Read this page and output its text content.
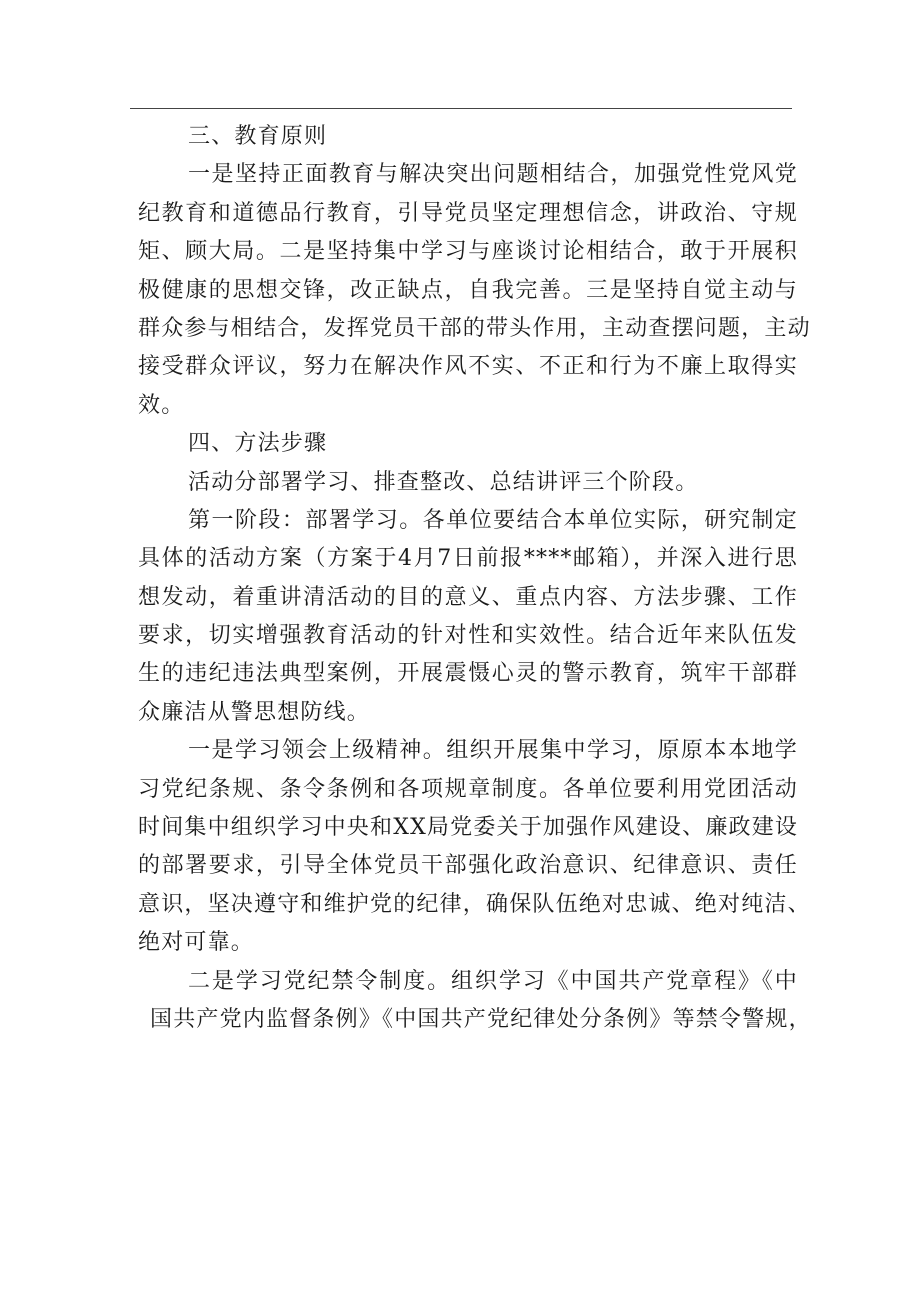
三、教育原则
一是坚持正面教育与解决突出问题相结合，加强党性党风党
纪教育和道德品行教育，引导党员坚定理想信念，讲政治、守规
矩、顾大局。二是坚持集中学习与座谈讨论相结合，敢于开展积
极健康的思想交锋，改正缺点，自我完善。三是坚持自觉主动与
群众参与相结合，发挥党员干部的带头作用，主动查摆问题，主动
接受群众评议，努力在解决作风不实、不正和行为不廉上取得实
效。
四、方法步骤
活动分部署学习、排查整改、总结讲评三个阶段。
第一阶段：部署学习。各单位要结合本单位实际，研究制定
具体的活动方案（方案于4月7日前报****邮箱），并深入进行思
想发动，着重讲清活动的目的意义、重点内容、方法步骤、工作
要求，切实增强教育活动的针对性和实效性。结合近年来队伍发
生的违纪违法典型案例，开展震慑心灵的警示教育，筑牢干部群
众廉洁从警思想防线。
一是学习领会上级精神。组织开展集中学习，原原本本地学
习党纪条规、条令条例和各项规章制度。各单位要利用党团活动
时间集中组织学习中央和XX局党委关于加强作风建设、廉政建设
的部署要求，引导全体党员干部强化政治意识、纪律意识、责任
意识，坚决遵守和维护党的纪律，确保队伍绝对忠诚、绝对纯洁、
绝对可靠。
二是学习党纪禁令制度。组织学习《中国共产党章程》《中
国共产党内监督条例》《中国共产党纪律处分条例》等禁令警规，
